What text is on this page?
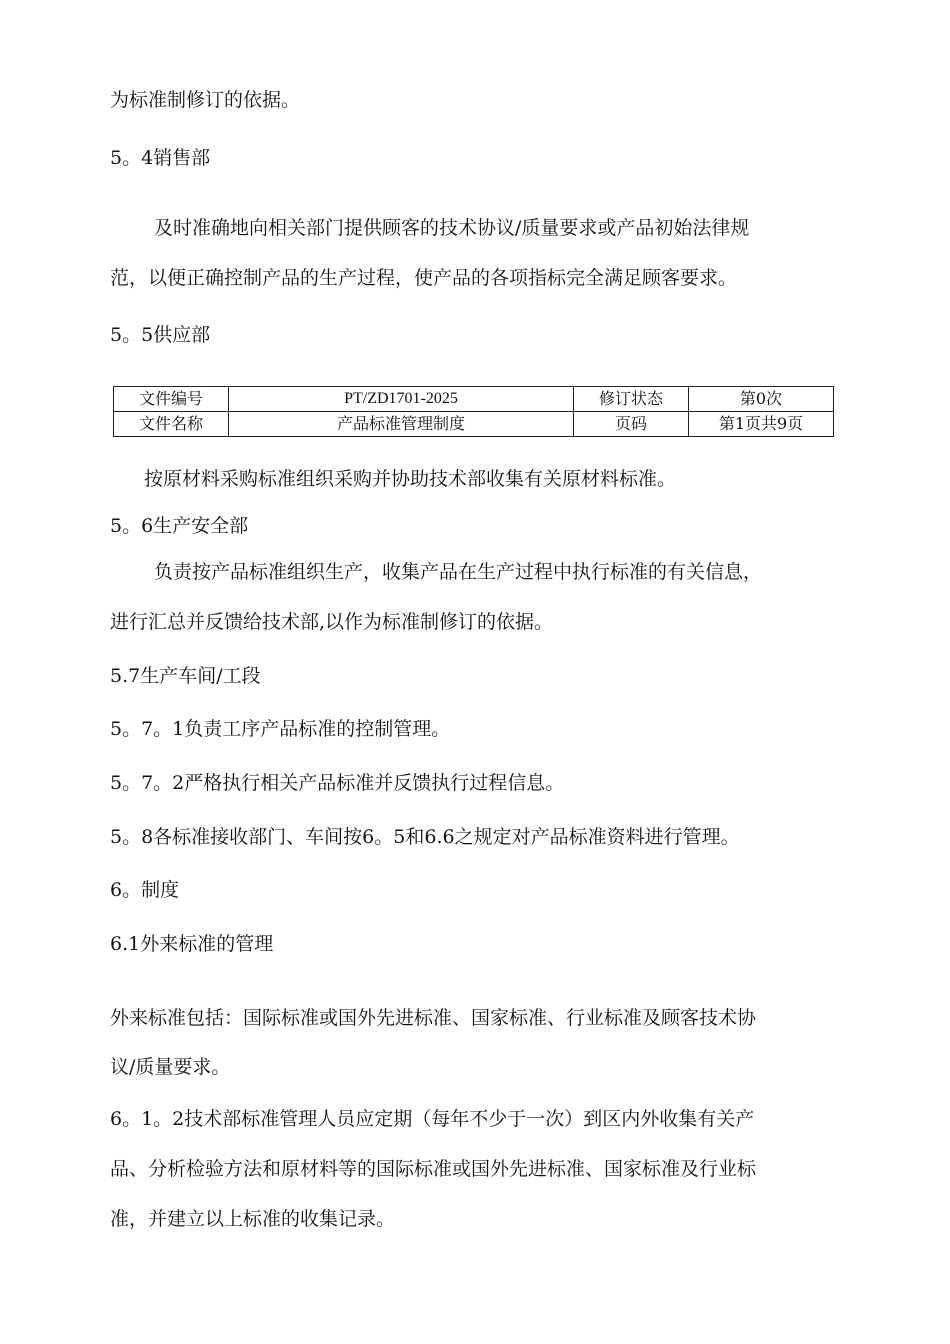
为标准制修订的依据。

5。4销售部

及时准确地向相关部门提供顾客的技术协议/质量要求或产品初始法律规

范，以便正确控制产品的生产过程，使产品的各项指标完全满足顾客要求。

5。5供应部

文件编号	PT/ZD1701-2025	修订状态	第0次
文件名称	产品标准管理制度	页码	第1页共9页

按原材料采购标准组织采购并协助技术部收集有关原材料标准。

5。6生产安全部

负责按产品标准组织生产，收集产品在生产过程中执行标准的有关信息，

进行汇总并反馈给技术部,以作为标准制修订的依据。

5.7生产车间/工段

5。7。1负责工序产品标准的控制管理。

5。7。2严格执行相关产品标准并反馈执行过程信息。

5。8各标准接收部门、车间按6。5和6.6之规定对产品标准资料进行管理。

6。制度

6.1外来标准的管理

外来标准包括：国际标准或国外先进标准、国家标准、行业标准及顾客技术协

议/质量要求。

6。1。2技术部标准管理人员应定期（每年不少于一次）到区内外收集有关产

品、分析检验方法和原材料等的国际标准或国外先进标准、国家标准及行业标

准，并建立以上标准的收集记录。
